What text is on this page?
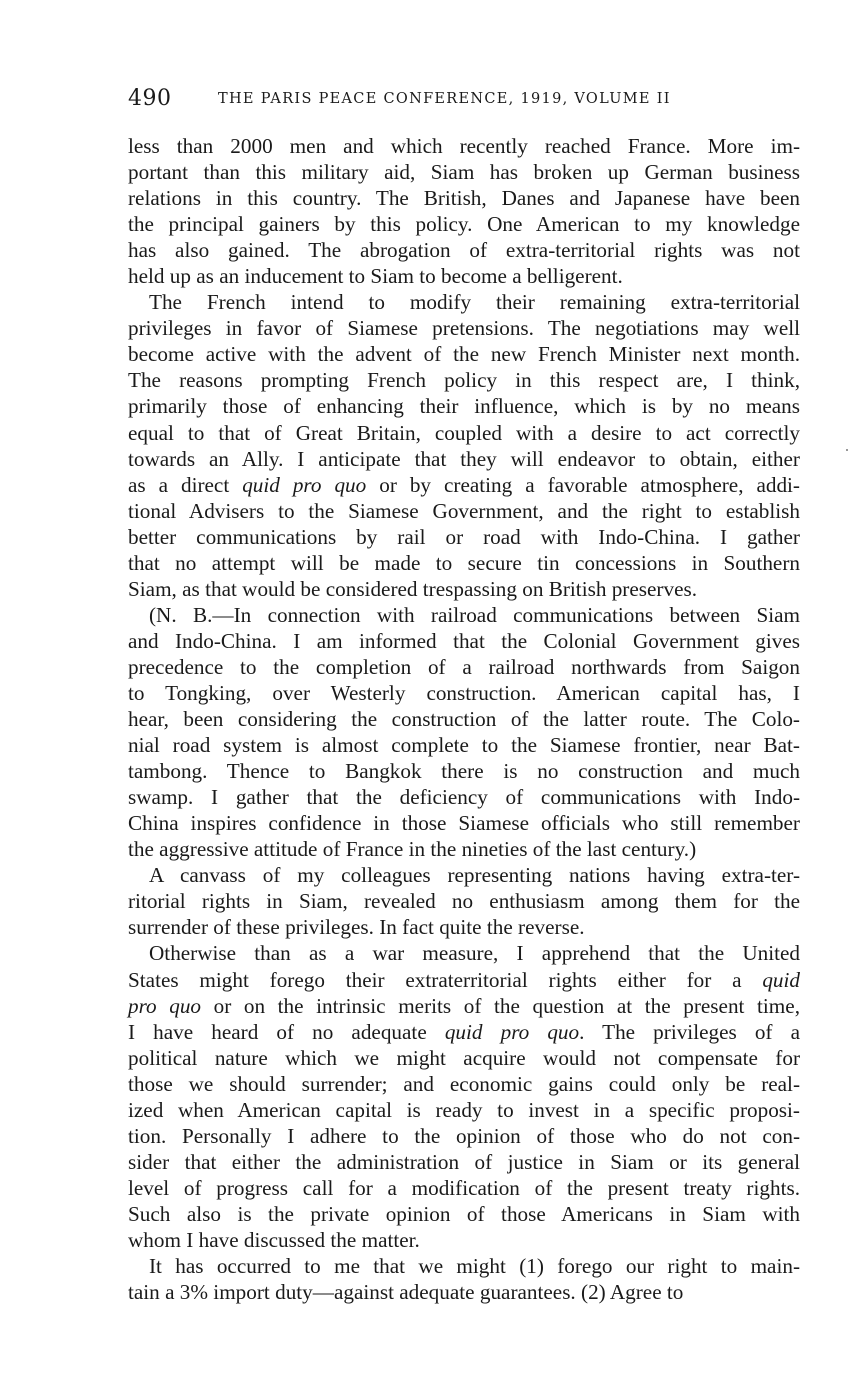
490	THE PARIS PEACE CONFERENCE, 1919, VOLUME II

less than 2000 men and which recently reached France. More im-
portant than this military aid, Siam has broken up German business
relations in this country. The British, Danes and Japanese have been
the principal gainers by this policy. One American to my knowledge
has also gained. The abrogation of extra-territorial rights was not
held up as an inducement to Siam to become a belligerent.

The French intend to modify their remaining extra-territorial
privileges in favor of Siamese pretensions. The negotiations may well
become active with the advent of the new French Minister next month.
The reasons prompting French policy in this respect are, I think,
primarily those of enhancing their influence, which is by no means
equal to that of Great Britain, coupled with a desire to act correctly
towards an Ally. I anticipate that they will endeavor to obtain, either
as a direct quid pro quo or by creating a favorable atmosphere, addi-
tional Advisers to the Siamese Government, and the right to establish
better communications by rail or road with Indo-China. I gather
that no attempt will be made to secure tin concessions in Southern
Siam, as that would be considered trespassing on British preserves.

(N. B.—In connection with railroad communications between Siam
and Indo-China. I am informed that the Colonial Government gives
precedence to the completion of a railroad northwards from Saigon
to Tongking, over Westerly construction. American capital has, I
hear, been considering the construction of the latter route. The Colo-
nial road system is almost complete to the Siamese frontier, near Bat-
tambong. Thence to Bangkok there is no construction and much
swamp. I gather that the deficiency of communications with Indo-
China inspires confidence in those Siamese officials who still remember
the aggressive attitude of France in the nineties of the last century.)

A canvass of my colleagues representing nations having extra-ter-
ritorial rights in Siam, revealed no enthusiasm among them for the
surrender of these privileges. In fact quite the reverse.

Otherwise than as a war measure, I apprehend that the United
States might forego their extraterritorial rights either for a quid
pro quo or on the intrinsic merits of the question at the present time,
I have heard of no adequate quid pro quo. The privileges of a
political nature which we might acquire would not compensate for
those we should surrender; and economic gains could only be real-
ized when American capital is ready to invest in a specific proposi-
tion. Personally I adhere to the opinion of those who do not con-
sider that either the administration of justice in Siam or its general
level of progress call for a modification of the present treaty rights.
Such also is the private opinion of those Americans in Siam with
whom I have discussed the matter.

It has occurred to me that we might (1) forego our right to main-
tain a 3% import duty—against adequate guarantees. (2) Agree to
